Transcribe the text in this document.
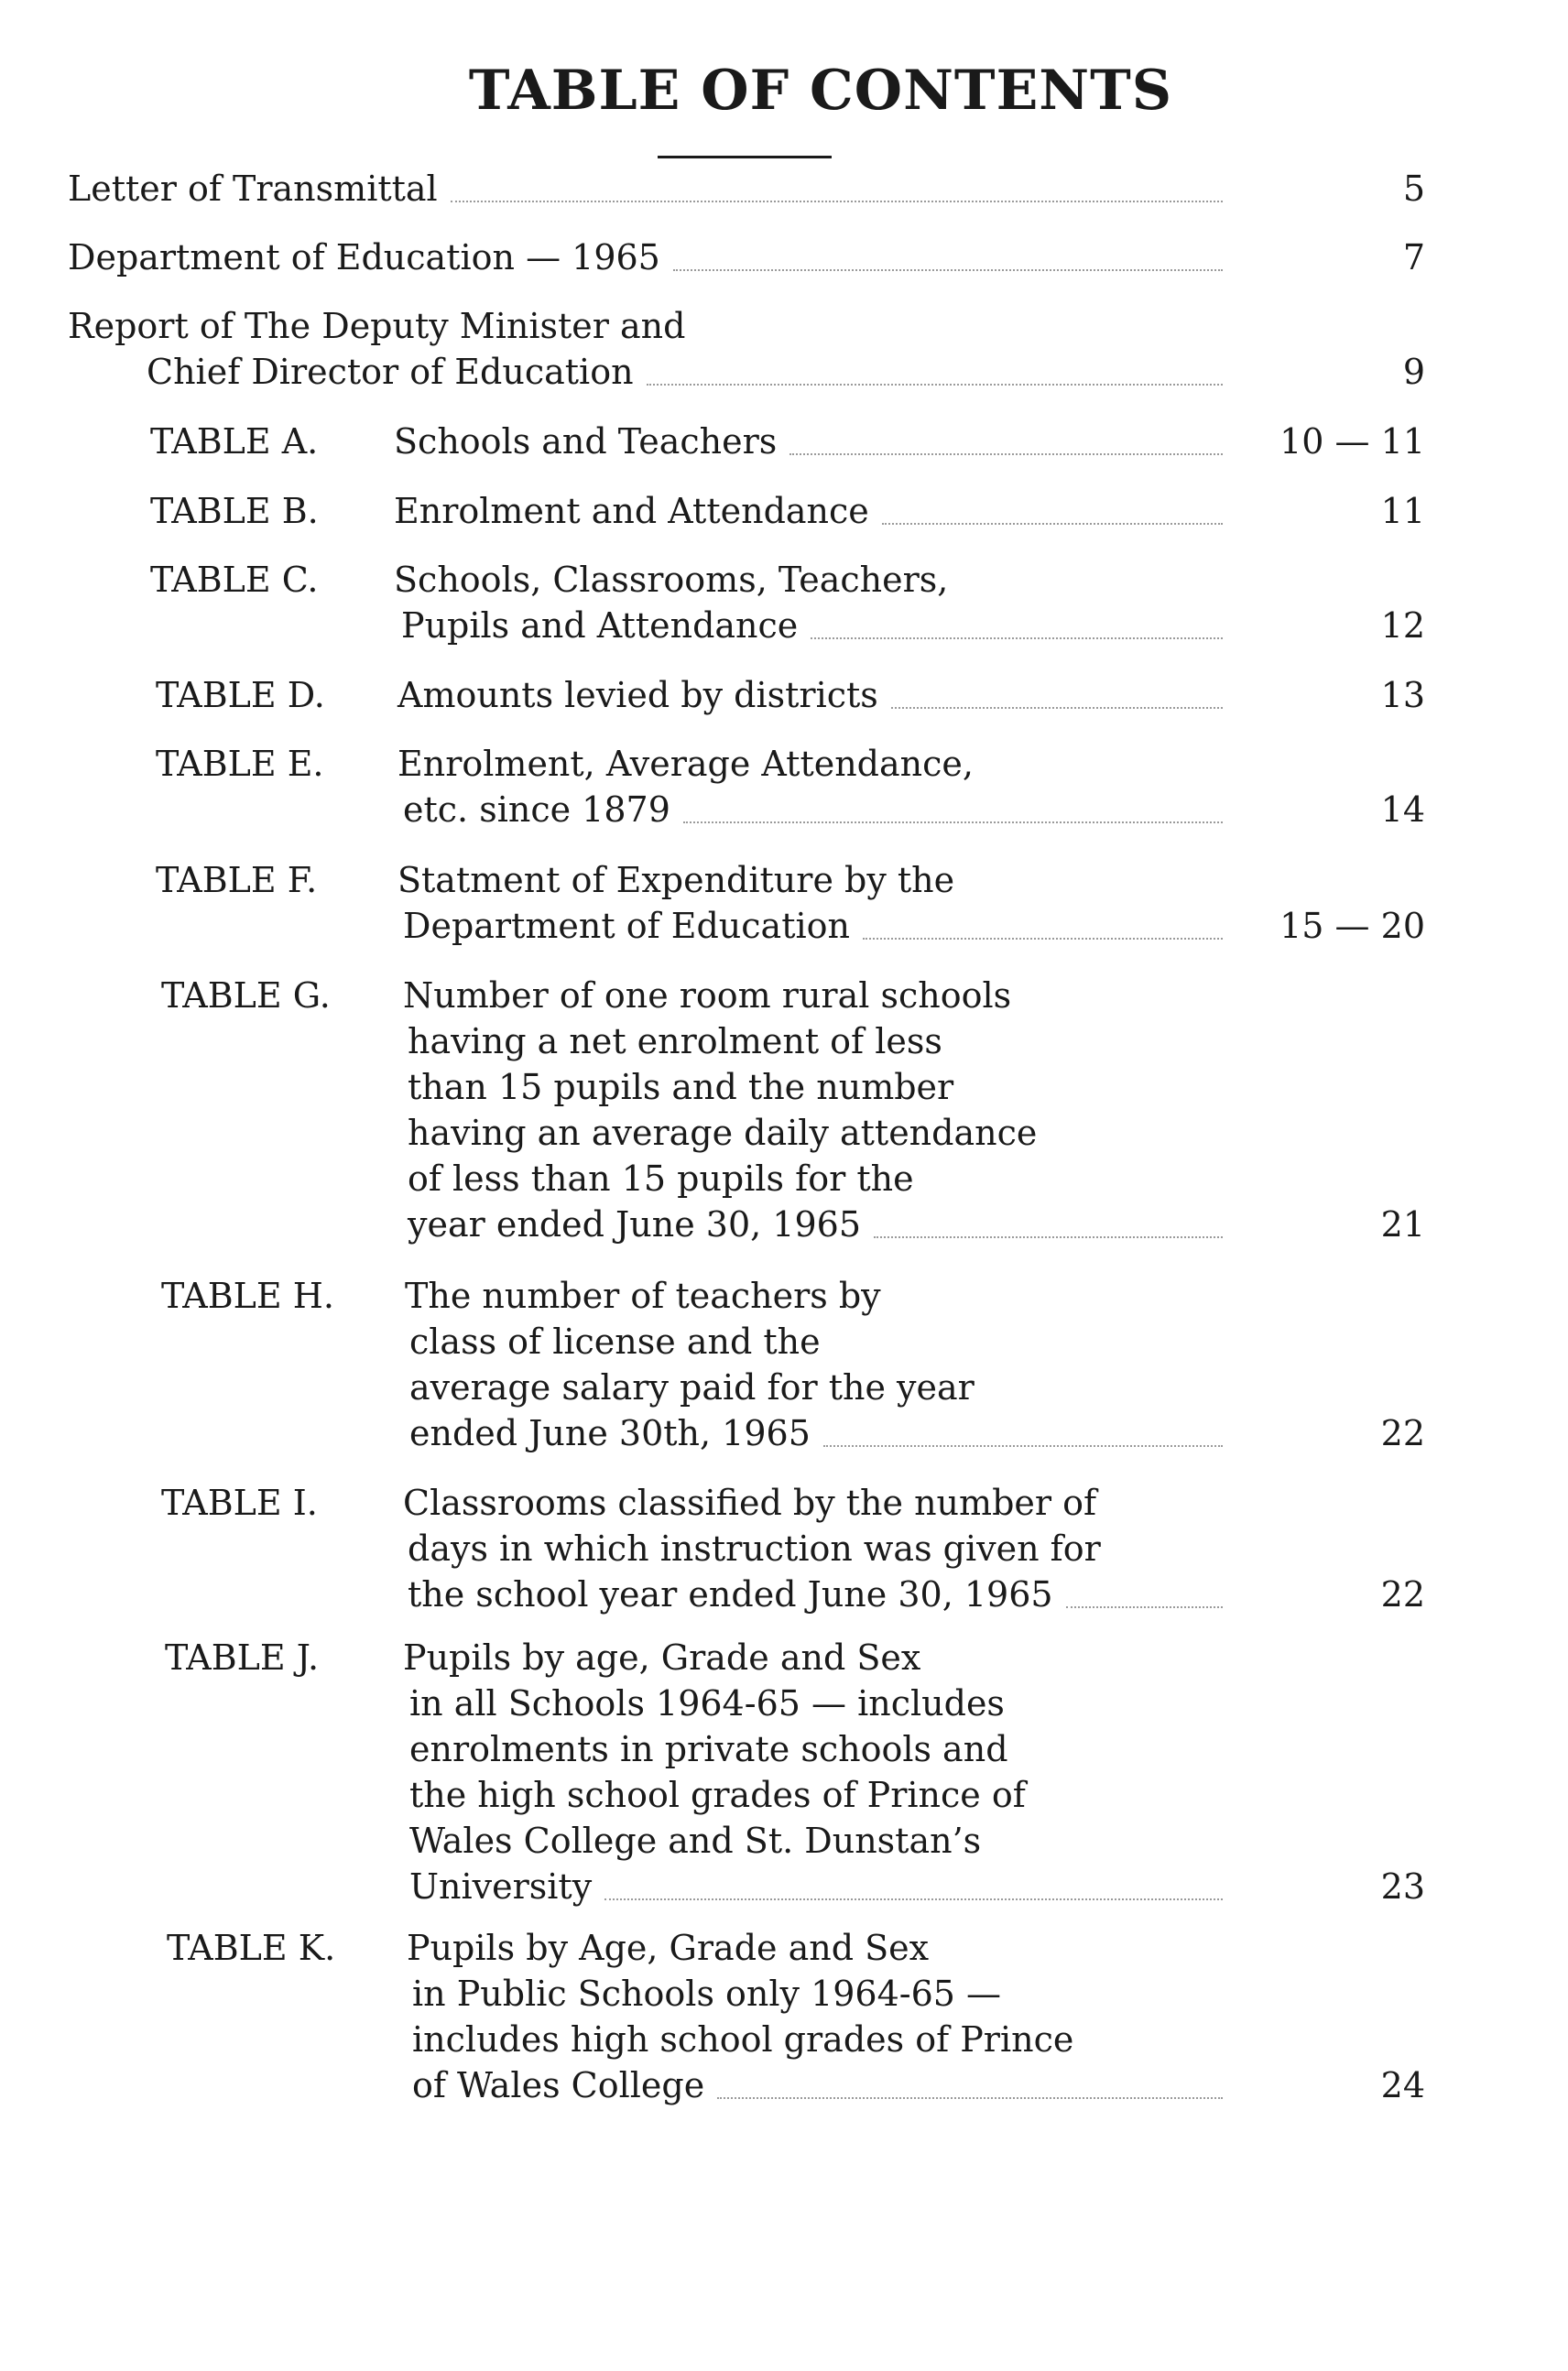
TABLE OF CONTENTS
Letter of Transmittal	5
Department of Education — 1965	7
Report of The Deputy Minister and
Chief Director of Education	9
TABLE A. Schools and Teachers	10 — 11
TABLE B. Enrolment and Attendance	11
TABLE C. Schools, Classrooms, Teachers,
Pupils and Attendance	12
TABLE D. Amounts levied by districts	13
TABLE E. Enrolment, Average Attendance,
etc. since 1879	14
TABLE F. Statment of Expenditure by the
Department of Education	15 — 20
TABLE G. Number of one room rural schools
having a net enrolment of less
than 15 pupils and the number
having an average daily attendance
of less than 15 pupils for the
year ended June 30, 1965	21
TABLE H. The number of teachers by
class of license and the
average salary paid for the year
ended June 30th, 1965	22
TABLE I. Classrooms classified by the number of
days in which instruction was given for
the school year ended June 30, 1965	22
TABLE J. Pupils by age, Grade and Sex
in all Schools 1964-65 — includes
enrolments in private schools and
the high school grades of Prince of
Wales College and St. Dunstan’s
University	23
TABLE K. Pupils by Age, Grade and Sex
in Public Schools only 1964-65 —
includes high school grades of Prince
of Wales College	24
